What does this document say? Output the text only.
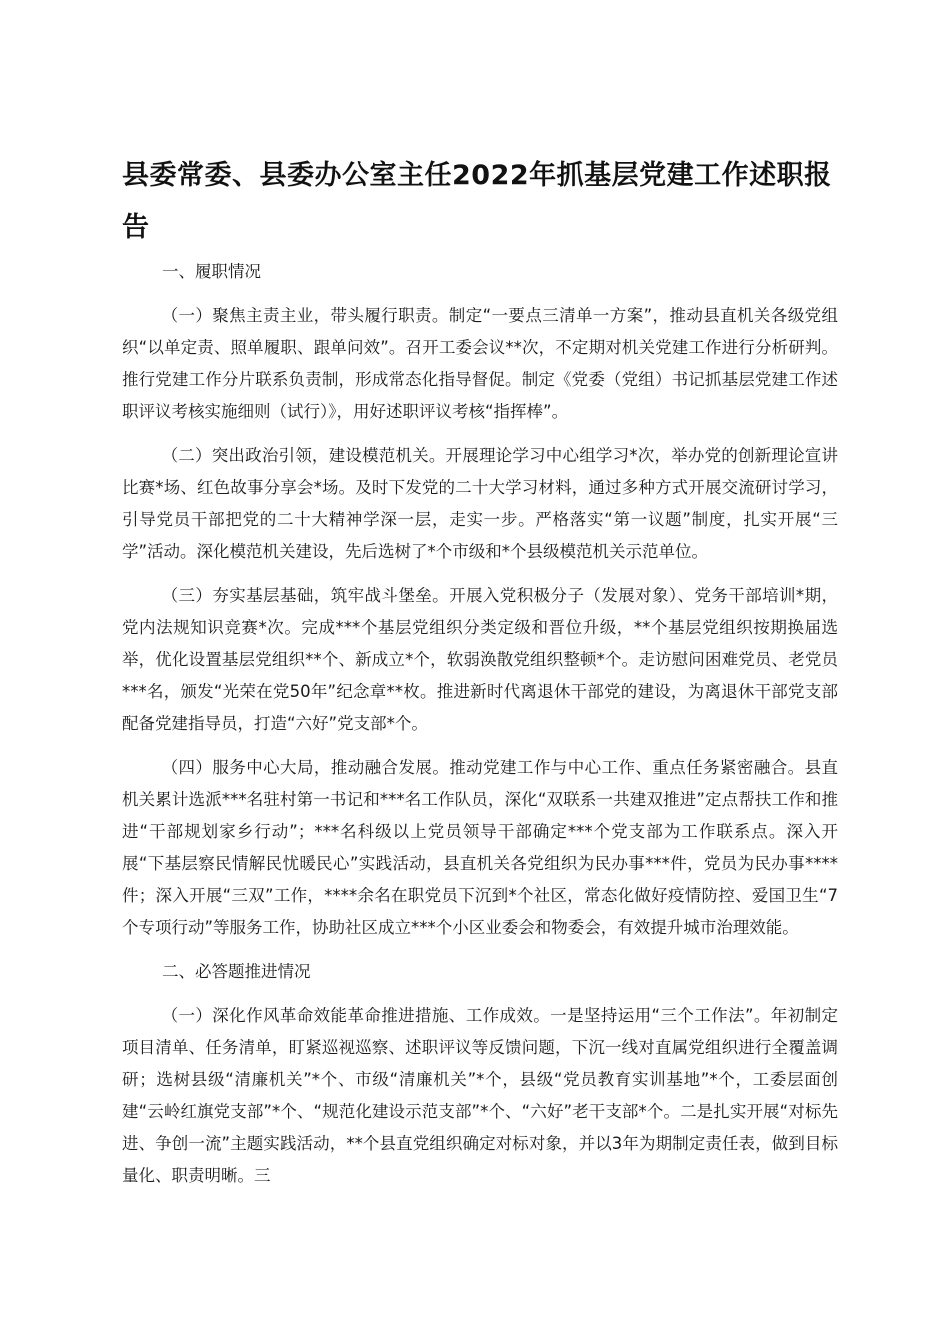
县委常委、县委办公室主任2022年抓基层党建工作述职报告

一、履职情况

（一）聚焦主责主业，带头履行职责。制定“一要点三清单一方案”，推动县直机关各级党组织“以单定责、照单履职、跟单问效”。召开工委会议**次，不定期对机关党建工作进行分析研判。推行党建工作分片联系负责制，形成常态化指导督促。制定《党委（党组）书记抓基层党建工作述职评议考核实施细则（试行）》，用好述职评议考核“指挥棒”。

（二）突出政治引领，建设模范机关。开展理论学习中心组学习*次，举办党的创新理论宣讲比赛*场、红色故事分享会*场。及时下发党的二十大学习材料，通过多种方式开展交流研讨学习，引导党员干部把党的二十大精神学深一层，走实一步。严格落实“第一议题”制度，扎实开展“三学”活动。深化模范机关建设，先后选树了*个市级和*个县级模范机关示范单位。

（三）夯实基层基础，筑牢战斗堡垒。开展入党积极分子（发展对象）、党务干部培训*期，党内法规知识竞赛*次。完成***个基层党组织分类定级和晋位升级，**个基层党组织按期换届选举，优化设置基层党组织**个、新成立*个，软弱涣散党组织整顿*个。走访慰问困难党员、老党员***名，颁发“光荣在党50年”纪念章**枚。推进新时代离退休干部党的建设，为离退休干部党支部配备党建指导员，打造“六好”党支部*个。

（四）服务中心大局，推动融合发展。推动党建工作与中心工作、重点任务紧密融合。县直机关累计选派***名驻村第一书记和***名工作队员，深化“双联系一共建双推进”定点帮扶工作和推进“干部规划家乡行动”；***名科级以上党员领导干部确定***个党支部为工作联系点。深入开展“下基层察民情解民忧暖民心”实践活动，县直机关各党组织为民办事***件，党员为民办事****件；深入开展“三双”工作，****余名在职党员下沉到*个社区，常态化做好疫情防控、爱国卫生“7个专项行动”等服务工作，协助社区成立***个小区业委会和物委会，有效提升城市治理效能。

二、必答题推进情况

（一）深化作风革命效能革命推进措施、工作成效。一是坚持运用“三个工作法”。年初制定项目清单、任务清单，盯紧巡视巡察、述职评议等反馈问题，下沉一线对直属党组织进行全覆盖调研；选树县级“清廉机关”*个、市级“清廉机关”*个，县级“党员教育实训基地”*个，工委层面创建“云岭红旗党支部”*个、“规范化建设示范支部”*个、“六好”老干支部*个。二是扎实开展“对标先进、争创一流”主题实践活动，**个县直党组织确定对标对象，并以3年为期制定责任表，做到目标量化、职责明晰。三
